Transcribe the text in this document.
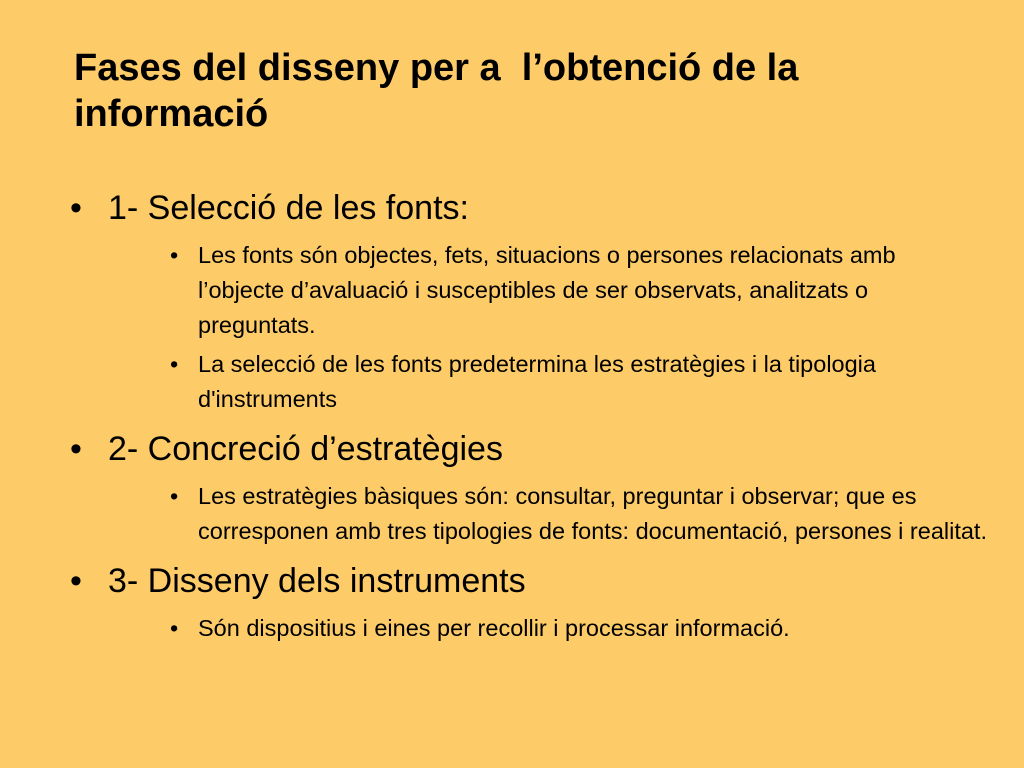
Fases del disseny per a  l’obtenció de la informació
• 1- Selecció de les fonts:
• Les fonts són objectes, fets, situacions o persones relacionats amb l’objecte d’avaluació i susceptibles de ser observats, analitzats o preguntats.
• La selecció de les fonts predetermina les estratègies i la tipologia d'instruments
• 2- Concreció d’estratègies
• Les estratègies bàsiques són: consultar, preguntar i observar; que es corresponen amb tres tipologies de fonts: documentació, persones i realitat.
• 3- Disseny dels instruments
• Són dispositius i eines per recollir i processar informació.
